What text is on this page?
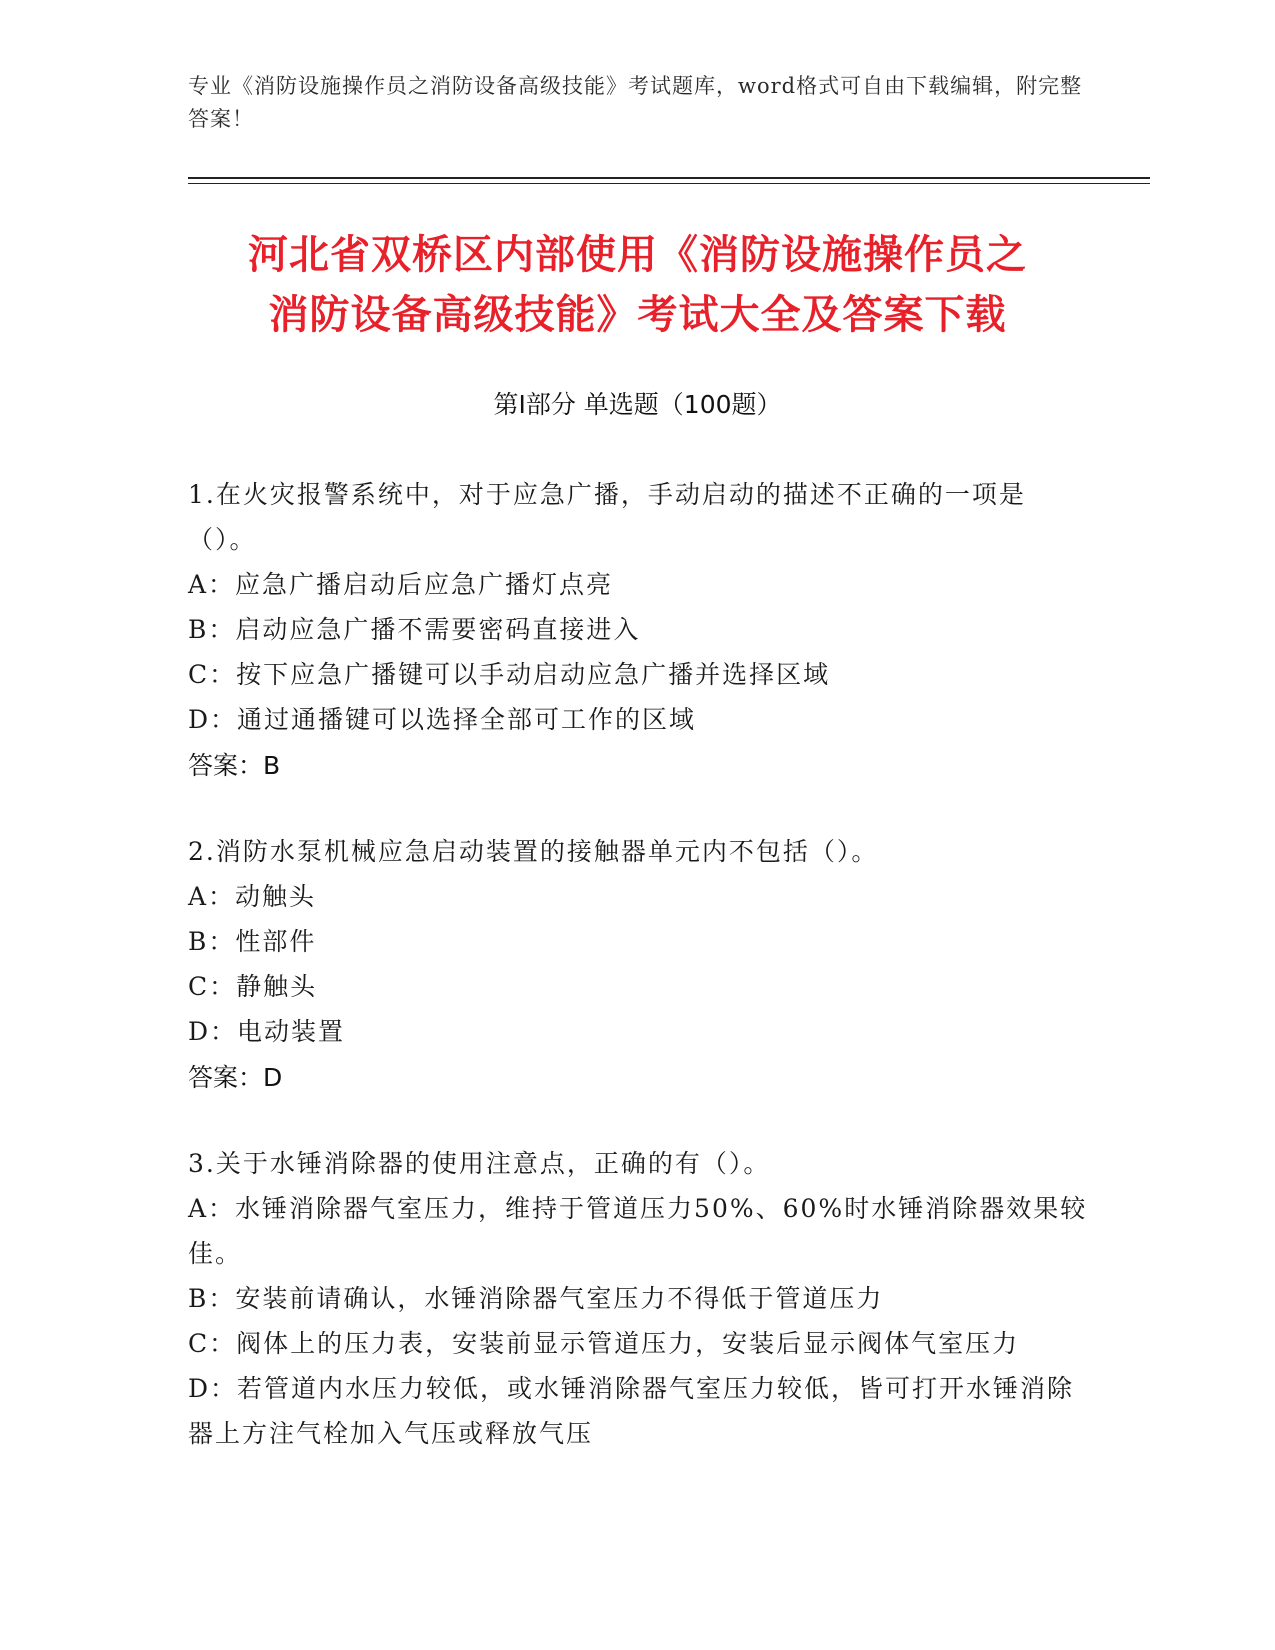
专业《消防设施操作员之消防设备高级技能》考试题库，word格式可自由下载编辑，附完整答案！
河北省双桥区内部使用《消防设施操作员之
消防设备高级技能》考试大全及答案下载
第Ⅰ部分 单选题（100题）
1.在火灾报警系统中，对于应急广播，手动启动的描述不正确的一项是（）。
A：应急广播启动后应急广播灯点亮
B：启动应急广播不需要密码直接进入
C：按下应急广播键可以手动启动应急广播并选择区域
D：通过通播键可以选择全部可工作的区域
答案：B
2.消防水泵机械应急启动装置的接触器单元内不包括（）。
A：动触头
B：性部件
C：静触头
D：电动装置
答案：D
3.关于水锤消除器的使用注意点，正确的有（）。
A：水锤消除器气室压力，维持于管道压力50%、60%时水锤消除器效果较佳。
B：安装前请确认，水锤消除器气室压力不得低于管道压力
C：阀体上的压力表，安装前显示管道压力，安装后显示阀体气室压力
D：若管道内水压力较低，或水锤消除器气室压力较低，皆可打开水锤消除器上方注气栓加入气压或释放气压
